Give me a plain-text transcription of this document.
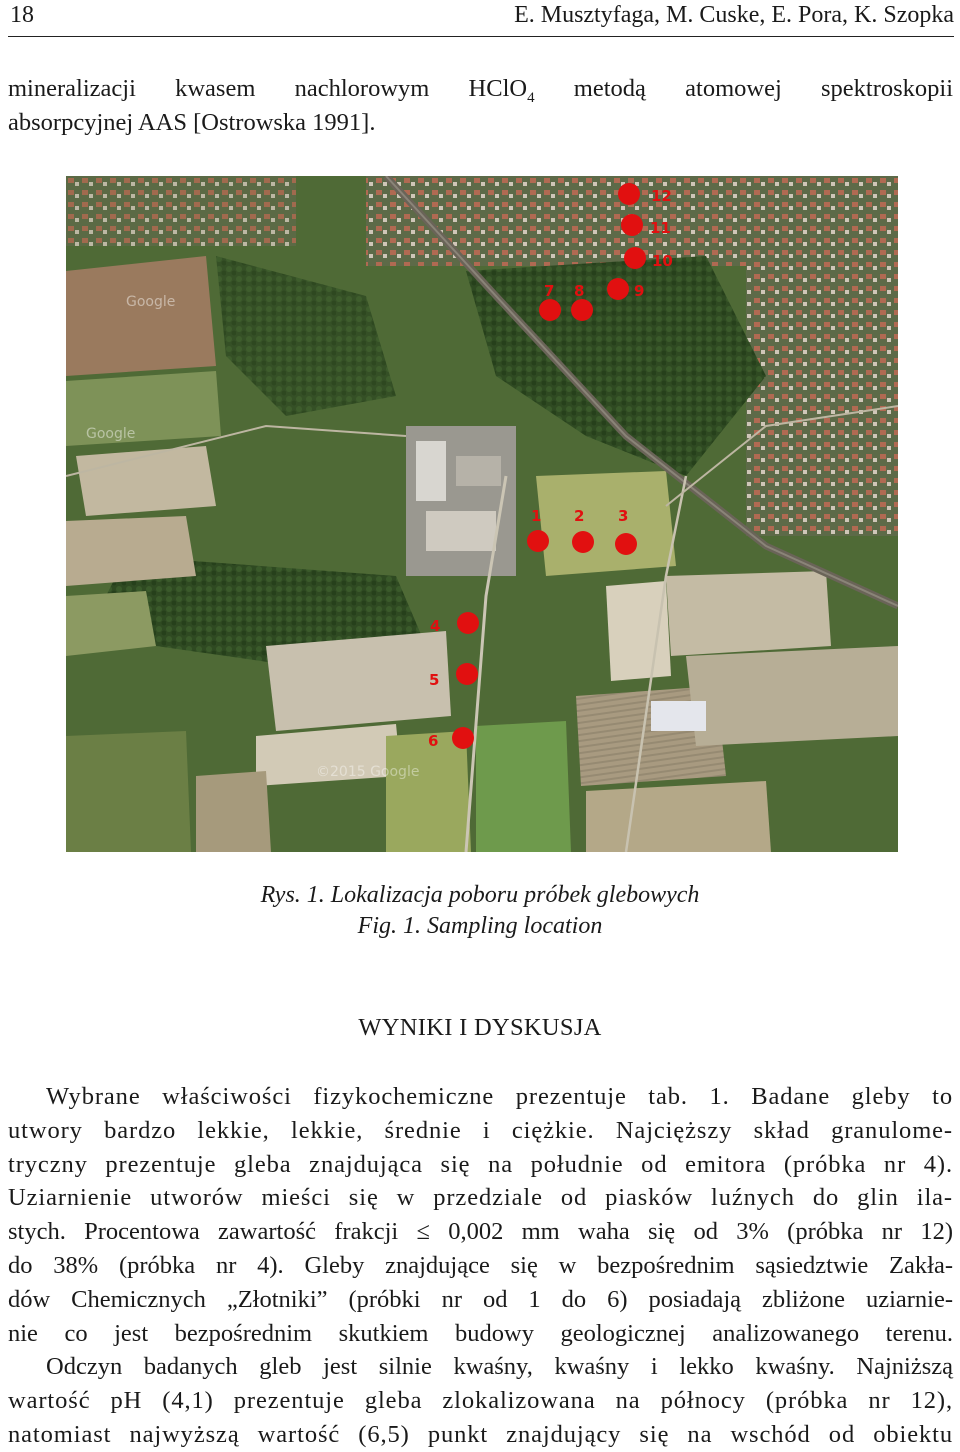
18	E. Musztyfaga, M. Cuske, E. Pora, K. Szopka

mineralizacji kwasem nachlorowym HClO$_4$ metodą atomowej spektroskopii
absorpcyjnej AAS [Ostrowska 1991].

Google
Google
©2015 Google
1 2 3
4
5
6
7 8	9
10
11
12
Rys. 1. Lokalizacja poboru próbek glebowych
Fig. 1. Sampling location
WYNIKI I DYSKUSJA

Wybrane właściwości fizykochemiczne prezentuje tab. 1. Badane gleby to
utwory bardzo lekkie, lekkie, średnie i ciężkie. Najcięższy skład granulome-
tryczny prezentuje gleba znajdująca się na południe od emitora (próbka nr 4).
Uziarnienie utworów mieści się w przedziale od piasków luźnych do glin ila-
stych. Procentowa zawartość frakcji ≤ 0,002 mm waha się od 3% (próbka nr 12)
do 38% (próbka nr 4). Gleby znajdujące się w bezpośrednim sąsiedztwie Zakła-
dów Chemicznych „Złotniki” (próbki nr od 1 do 6) posiadają zbliżone uziarnie-
nie co jest bezpośrednim skutkiem budowy geologicznej analizowanego terenu.
Odczyn badanych gleb jest silnie kwaśny, kwaśny i lekko kwaśny. Najniższą
wartość pH (4,1) prezentuje gleba zlokalizowana na północy (próbka nr 12),
natomiast najwyższą wartość (6,5) punkt znajdujący się na wschód od obiektu
